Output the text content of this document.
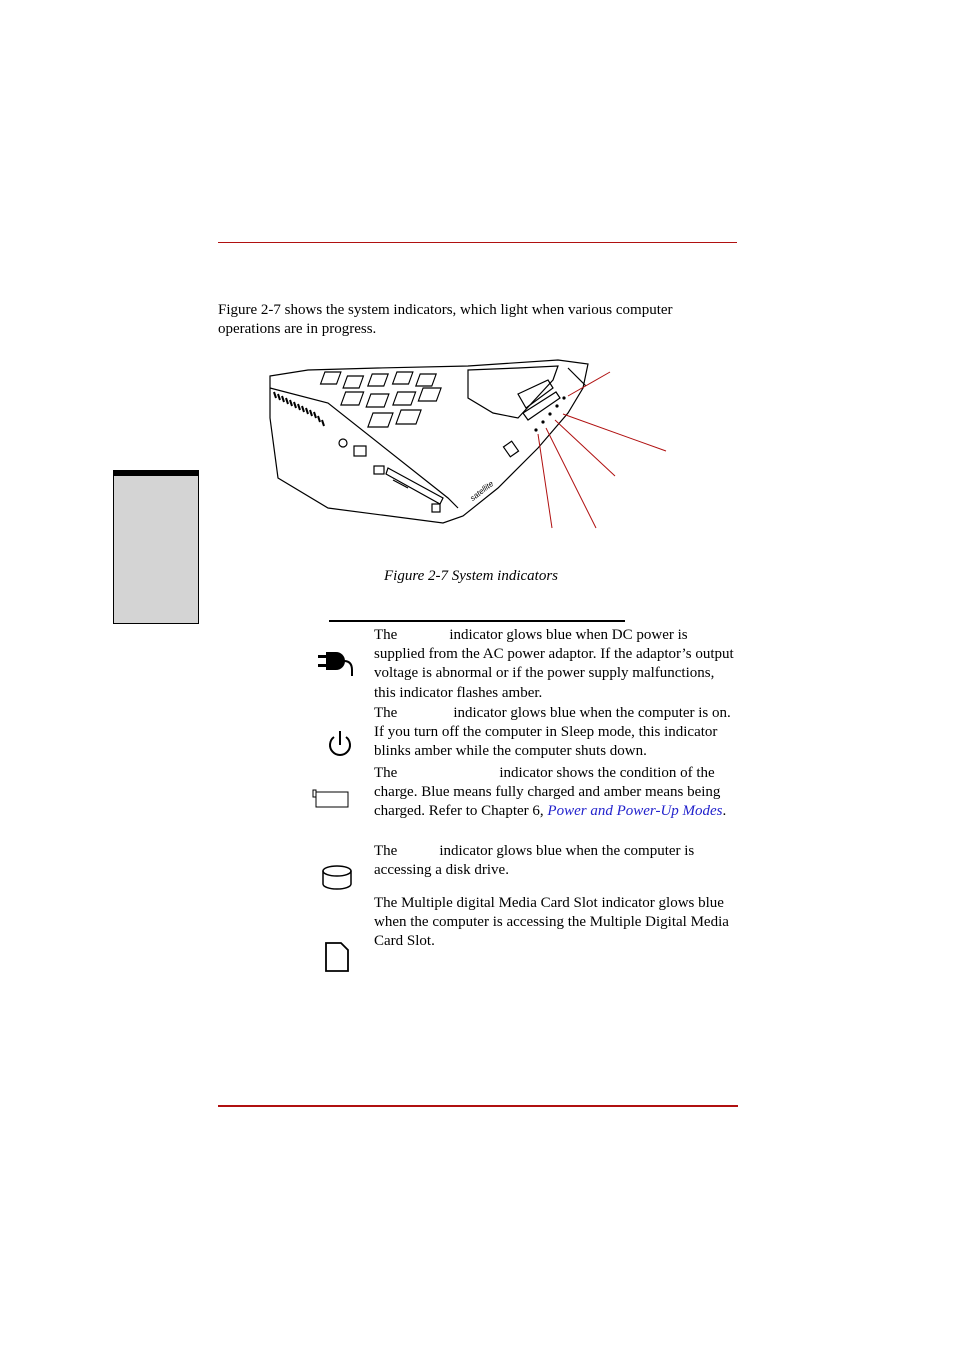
Figure 2-7 shows the system indicators, which light when various computer operations are in progress.

satellite
Figure 2-7 System indicators
The	indicator glows blue when DC power is supplied from the AC power adaptor. If the adaptor’s output voltage is abnormal or if the power supply malfunctions, this indicator flashes amber.
The	indicator glows blue when the computer is on. If you turn off the computer in Sleep mode, this indicator blinks amber while the computer shuts down.
The	indicator shows the condition of the charge. Blue means fully charged and amber means being charged. Refer to Chapter 6, Power and Power-Up Modes.
The	indicator glows blue when the computer is accessing a disk drive.
The Multiple digital Media Card Slot indicator glows blue when the computer is accessing the Multiple Digital Media Card Slot.
